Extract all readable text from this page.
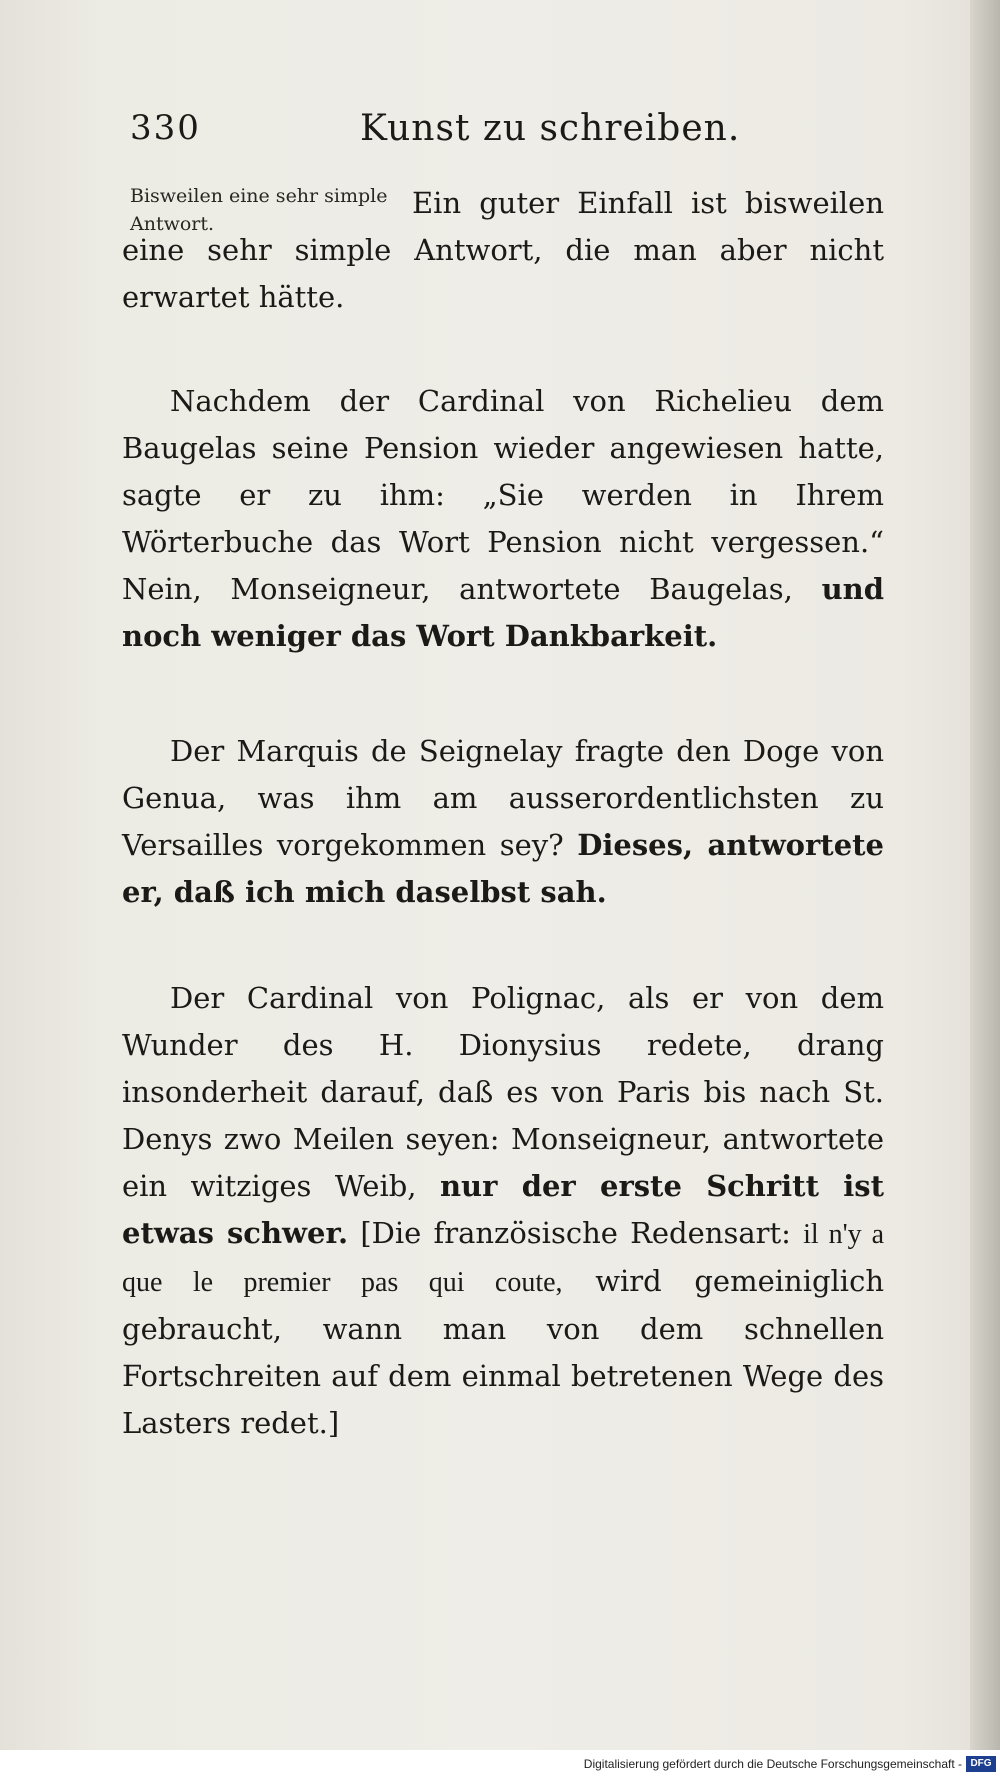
330	Kunst zu schreiben.
Bisweilen eine sehr simple Antwort.
Ein guter Einfall ist bisweilen eine sehr simple Antwort, die man aber nicht erwartet hätte.
Nachdem der Cardinal von Richelieu dem Baugelas seine Pension wieder angewiesen hatte, sagte er zu ihm: „Sie werden in Ihrem Wörterbuche das Wort Pension nicht vergessen.“ Nein, Monseigneur, antwortete Baugelas, und noch weniger das Wort Dankbarkeit.
Der Marquis de Seignelay fragte den Doge von Genua, was ihm am ausserordentlichsten zu Versailles vorgekommen sey? Dieses, antwortete er, daß ich mich daselbst sah.
Der Cardinal von Polignac, als er von dem Wunder des H. Dionysius redete, drang insonderheit darauf, daß es von Paris bis nach St. Denys zwo Meilen seyen: Monseigneur, antwortete ein witziges Weib, nur der erste Schritt ist etwas schwer. [Die französische Redensart: il n'y a que le premier pas qui coute, wird gemeiniglich gebraucht, wann man von dem schnellen Fortschreiten auf dem einmal betretenen Wege des Lasters redet.]
Digitalisierung gefördert durch die Deutsche Forschungsgemeinschaft - DFG
